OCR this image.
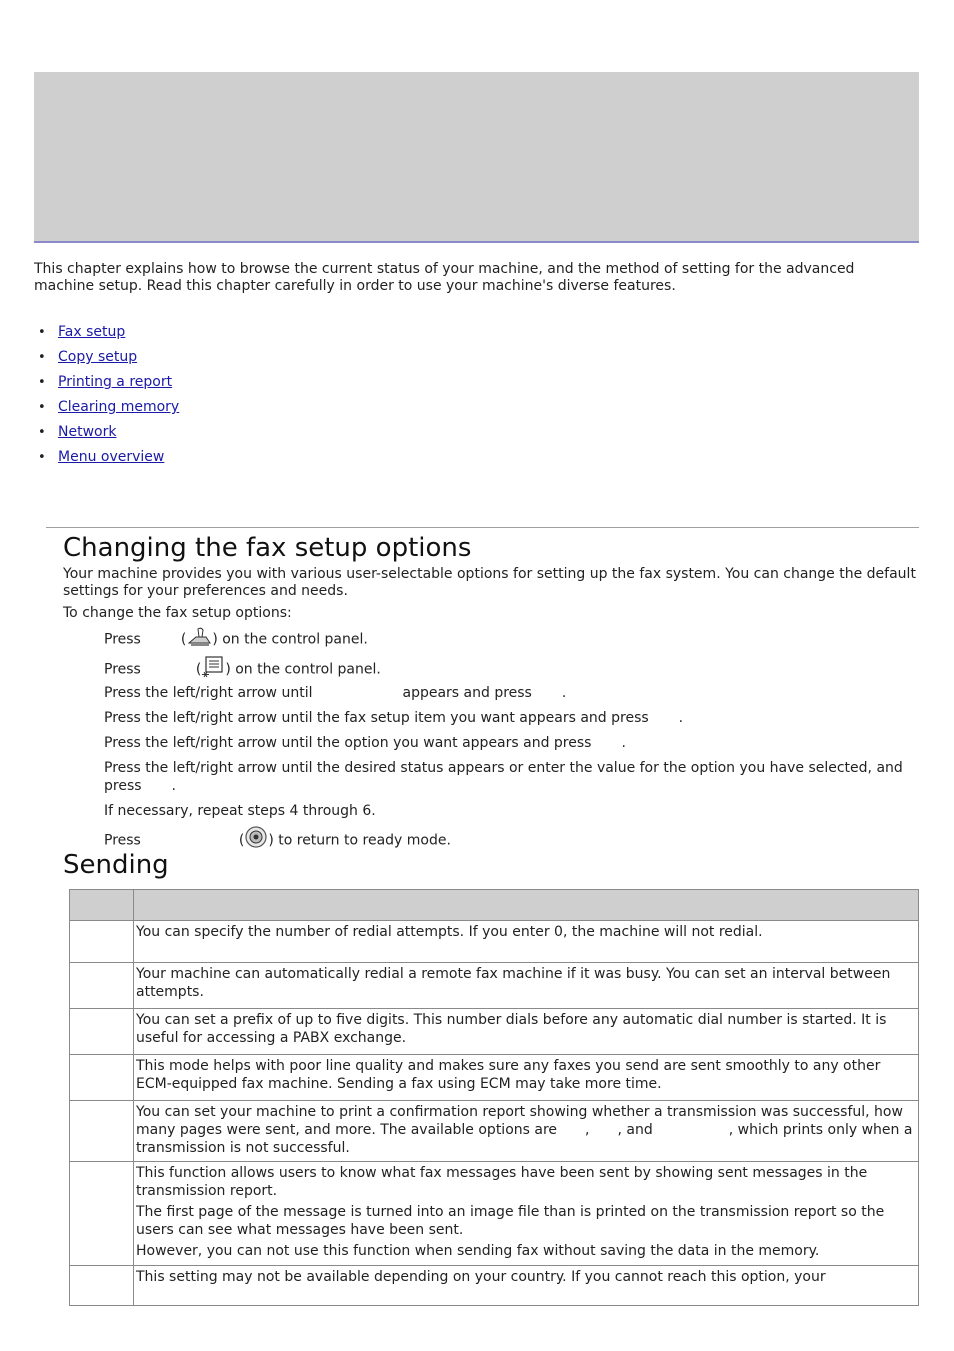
This chapter explains how to browse the current status of your machine, and the method of setting for the advanced machine setup. Read this chapter carefully in order to use your machine's diverse features.

• Fax setup
• Copy setup
• Printing a report
• Clearing memory
• Network
• Menu overview
Changing the fax setup options

Your machine provides you with various user-selectable options for setting up the fax system. You can change the default settings for your preferences and needs.

To change the fax setup options:

Press	( ) on the control panel.

Press	( ) on the control panel.

Press the left/right arrow until	appears and press .

Press the left/right arrow until the fax setup item you want appears and press .

Press the left/right arrow until the option you want appears and press .

Press the left/right arrow until the desired status appears or enter the value for the option you have selected, and
press .

If necessary, repeat steps 4 through 6.

Press	( ) to return to ready mode.

Sending

	You can specify the number of redial attempts. If you enter 0, the machine will not redial.
	Your machine can automatically redial a remote fax machine if it was busy. You can set an interval between attempts.
	You can set a prefix of up to five digits. This number dials before any automatic dial number is started. It is useful for accessing a PABX exchange.
	This mode helps with poor line quality and makes sure any faxes you send are sent smoothly to any other ECM-equipped fax machine. Sending a fax using ECM may take more time.
	You can set your machine to print a confirmation report showing whether a transmission was successful, how many pages were sent, and more. The available options are , , and , which prints only when a transmission is not successful.

	This function allows users to know what fax messages have been sent by showing sent messages in the transmission report.

The first page of the message is turned into an image file than is printed on the transmission report so the users can see what messages have been sent.

However, you can not use this function when sending fax without saving the data in the memory.

	This setting may not be available depending on your country. If you cannot reach this option, your
